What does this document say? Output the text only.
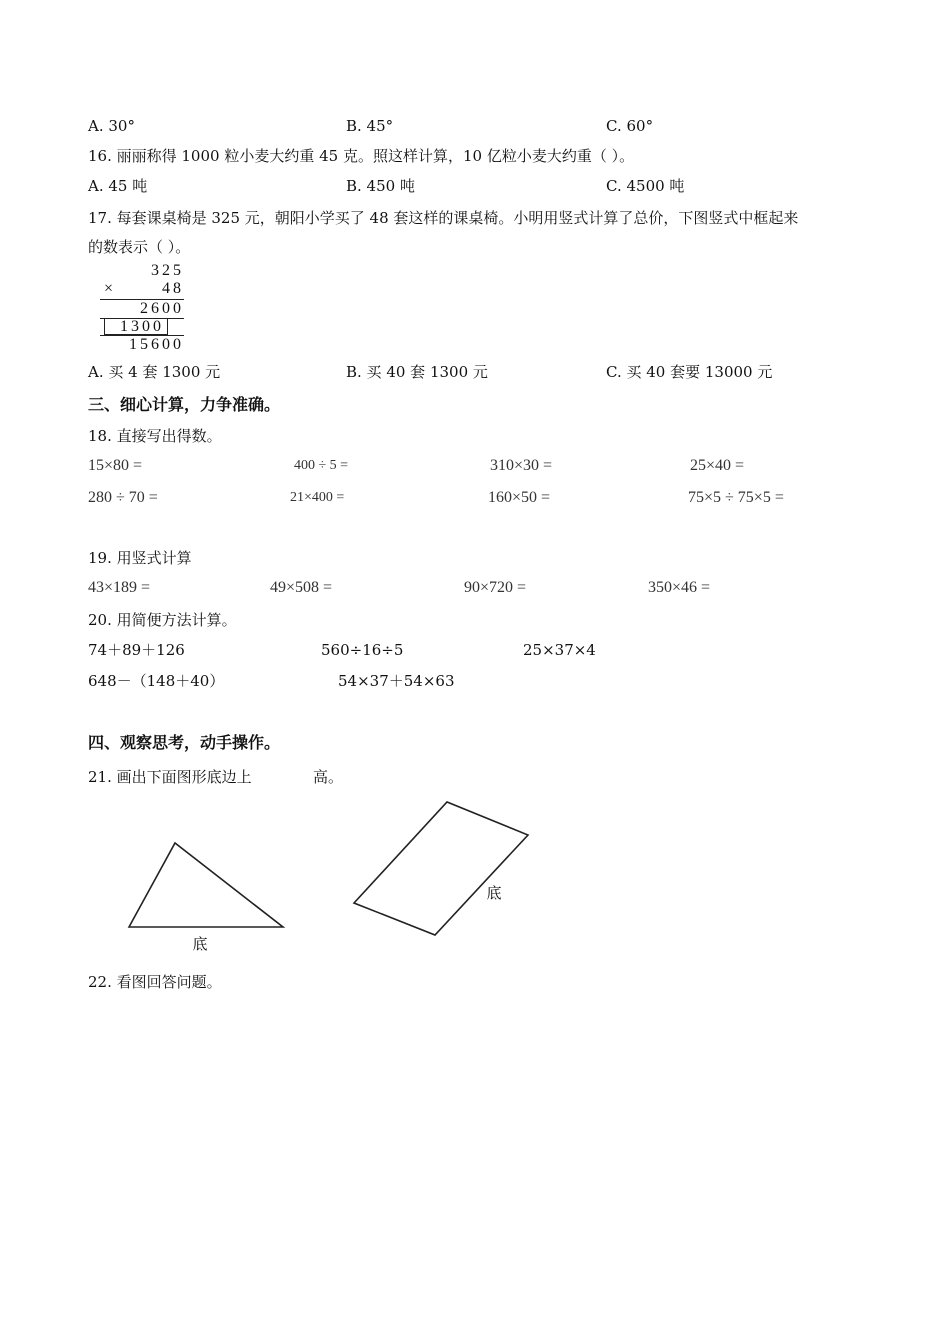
A. 30°	B. 45°	C. 60°
16. 丽丽称得 1000 粒小麦大约重 45 克。照这样计算，10 亿粒小麦大约重（ ）。
A. 45 吨	B. 450 吨	C. 4500 吨
17. 每套课桌椅是 325 元，朝阳小学买了 48 套这样的课桌椅。小明用竖式计算了总价，下图竖式中框起来
的数表示（ ）。
325
×	48
2600
1300
15600
A. 买 4 套 1300 元	B. 买 40 套 1300 元	C. 买 40 套要 13000 元
三、细心计算，力争准确。
18. 直接写出得数。
15×80 =	400 ÷ 5 =	310×30 =	25×40 =
280 ÷ 70 =	21×400 =	160×50 =	75×5 ÷ 75×5 =
19. 用竖式计算
43×189 =	49×508 =	90×720 =	350×46 =
20. 用简便方法计算。
74＋89＋126	560÷16÷5	25×37×4
648－（148＋40）	54×37＋54×63
四、观察思考，动手操作。
21. 画出下面图形底边上	高。
底
底
22. 看图回答问题。
